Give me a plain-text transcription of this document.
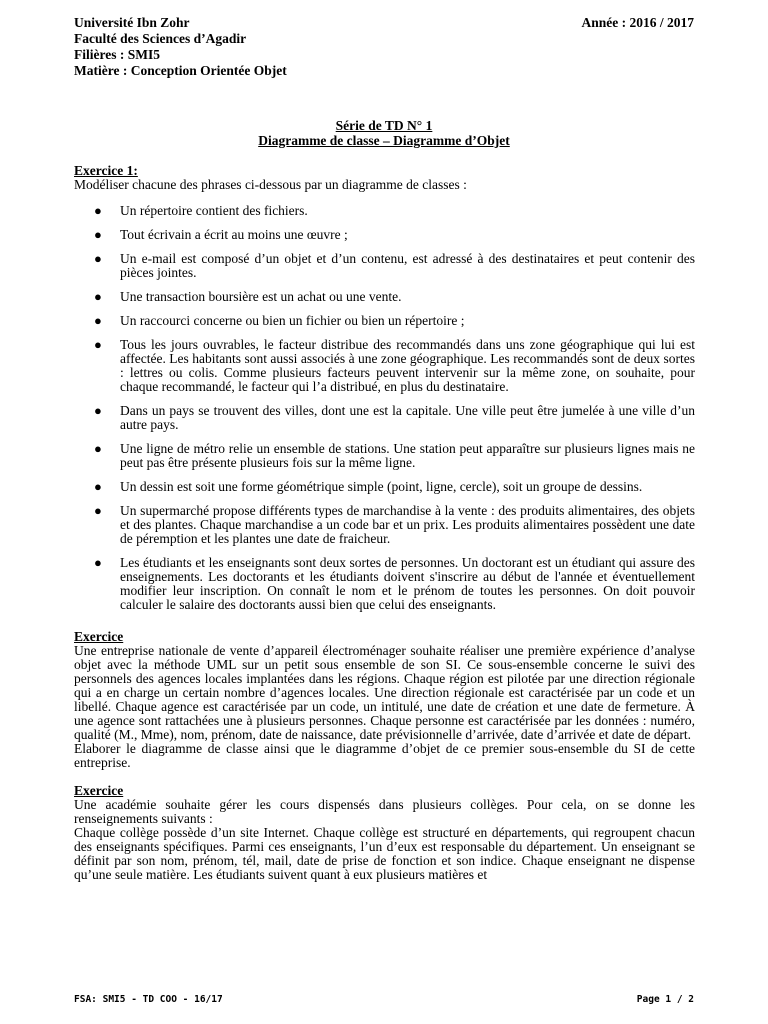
Université Ibn Zohr
Faculté des Sciences d’Agadir
Filières : SMI5
Matière : Conception Orientée Objet
Année : 2016 / 2017
Série de TD N° 1
Diagramme de classe – Diagramme d’Objet
Exercice 1:
Modéliser chacune des phrases ci-dessous par un diagramme de classes :
● Un répertoire contient des fichiers.
● Tout écrivain a écrit au moins une œuvre ;
● Un e-mail est composé d’un objet et d’un contenu, est adressé à des destinataires et peut contenir des pièces jointes.
● Une transaction boursière est un achat ou une vente.
● Un raccourci concerne ou bien un fichier ou bien un répertoire ;
● Tous les jours ouvrables, le facteur distribue des recommandés dans uns zone géographique qui lui est affectée. Les habitants sont aussi associés à une zone géographique. Les recommandés sont de deux sortes : lettres ou colis. Comme plusieurs facteurs peuvent intervenir sur la même zone, on souhaite, pour chaque recommandé, le facteur qui l’a distribué, en plus du destinataire.
● Dans un pays se trouvent des villes, dont une est la capitale. Une ville peut être jumelée à une ville d’un autre pays.
● Une ligne de métro relie un ensemble de stations. Une station peut apparaître sur plusieurs lignes mais ne peut pas être présente plusieurs fois sur la même ligne.
● Un dessin est soit une forme géométrique simple (point, ligne, cercle), soit un groupe de dessins.
● Un supermarché propose différents types de marchandise à la vente : des produits alimentaires, des objets et des plantes. Chaque marchandise a un code bar et un prix. Les produits alimentaires possèdent une date de péremption et les plantes une date de fraicheur.
● Les étudiants et les enseignants sont deux sortes de personnes. Un doctorant est un étudiant qui assure des enseignements. Les doctorants et les étudiants doivent s'inscrire au début de l'année et éventuellement modifier leur inscription. On connaît le nom et le prénom de toutes les personnes. On doit pouvoir calculer le salaire des doctorants aussi bien que celui des enseignants.
Exercice
Une entreprise nationale de vente d’appareil électroménager souhaite réaliser une première expérience d’analyse objet avec la méthode UML sur un petit sous ensemble de son SI. Ce sous-ensemble concerne le suivi des personnels des agences locales implantées dans les régions. Chaque région est pilotée par une direction régionale qui a en charge un certain nombre d’agences locales. Une direction régionale est caractérisée par un code et un libellé. Chaque agence est caractérisée par un code, un intitulé, une date de création et une date de fermeture. À une agence sont rattachées une à plusieurs personnes. Chaque personne est caractérisée par les données : numéro, qualité (M., Mme), nom, prénom, date de naissance, date prévisionnelle d’arrivée, date d’arrivée et date de départ.
Elaborer le diagramme de classe ainsi que le diagramme d’objet de ce premier sous-ensemble du SI de cette entreprise.
Exercice
Une académie souhaite gérer les cours dispensés dans plusieurs collèges. Pour cela, on se donne les renseignements suivants :
Chaque collège possède d’un site Internet. Chaque collège est structuré en départements, qui regroupent chacun des enseignants spécifiques. Parmi ces enseignants, l’un d’eux est responsable du département. Un enseignant se définit par son nom, prénom, tél, mail, date de prise de fonction et son indice. Chaque enseignant ne dispense qu’une seule matière. Les étudiants suivent quant à eux plusieurs matières et
FSA: SMI5 - TD COO - 16/17	Page 1 / 2
